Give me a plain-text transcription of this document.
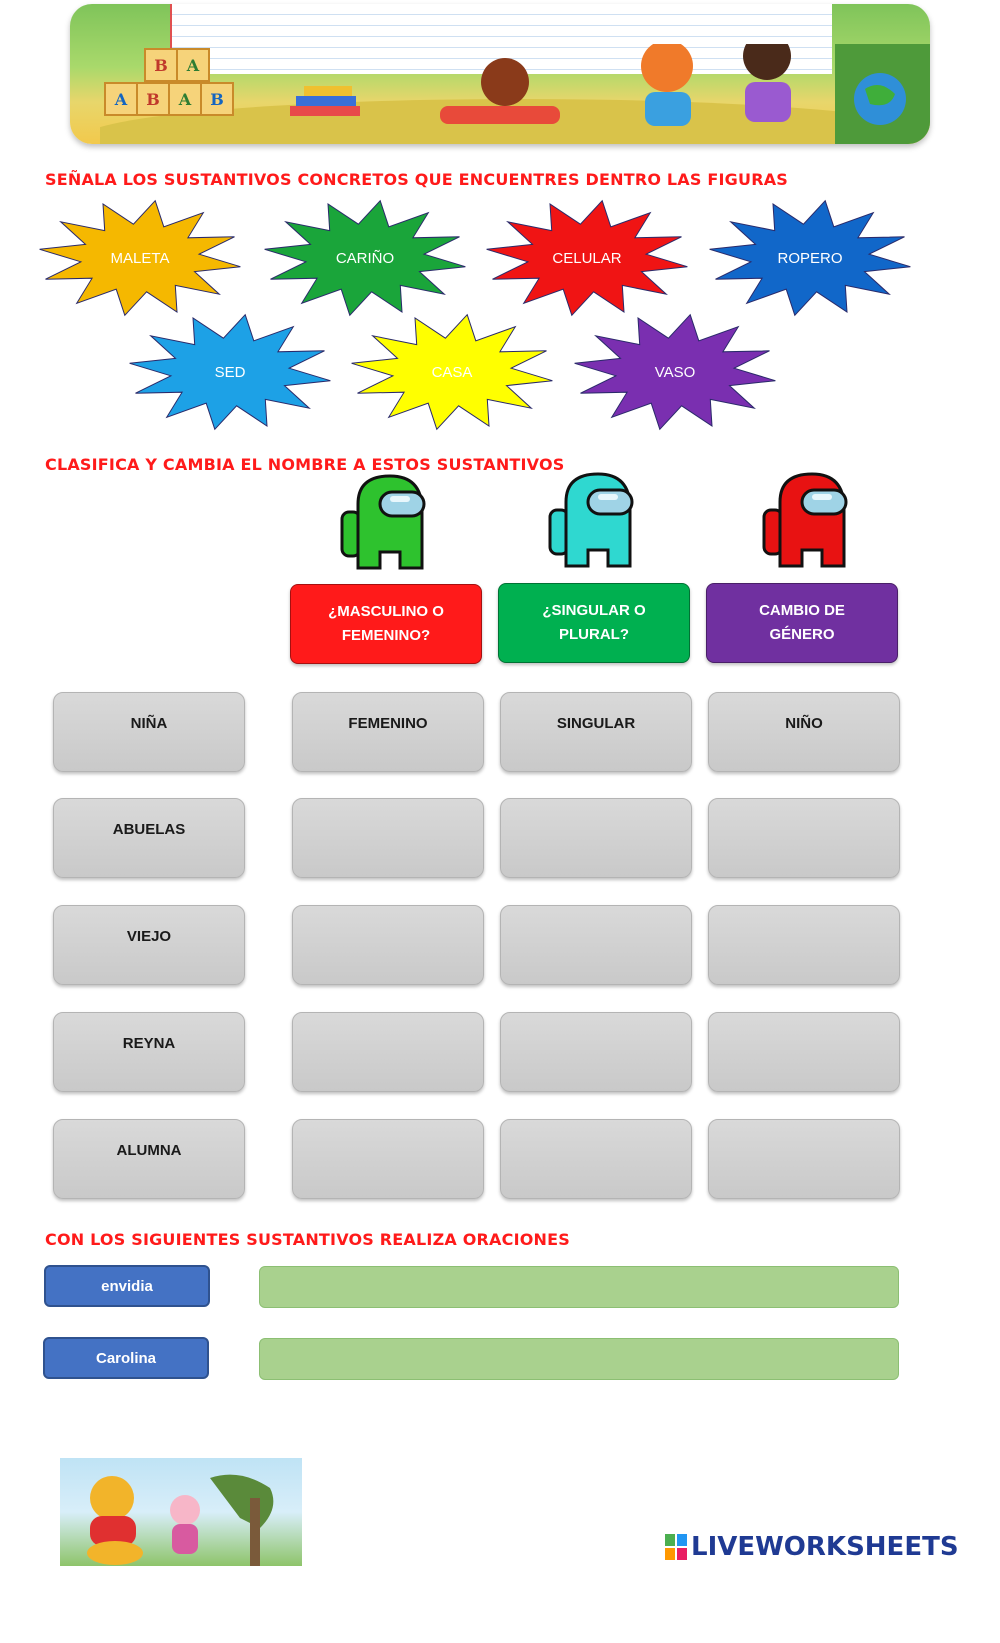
B	A
A	B	A	B
SEÑALA LOS SUSTANTIVOS CONCRETOS QUE ENCUENTRES DENTRO LAS FIGURAS
MALETA	CARIÑO	CELULAR	ROPERO
SED	CASA	VASO
CLASIFICA Y CAMBIA EL NOMBRE A ESTOS SUSTANTIVOS
¿MASCULINO O FEMENINO?
¿SINGULAR O PLURAL?
CAMBIO DE GÉNERO
NIÑA	FEMENINO	SINGULAR	NIÑO
ABUELAS
VIEJO
REYNA
ALUMNA
CON LOS SIGUIENTES SUSTANTIVOS REALIZA ORACIONES
envidia
Carolina
LIVEWORKSHEETS
